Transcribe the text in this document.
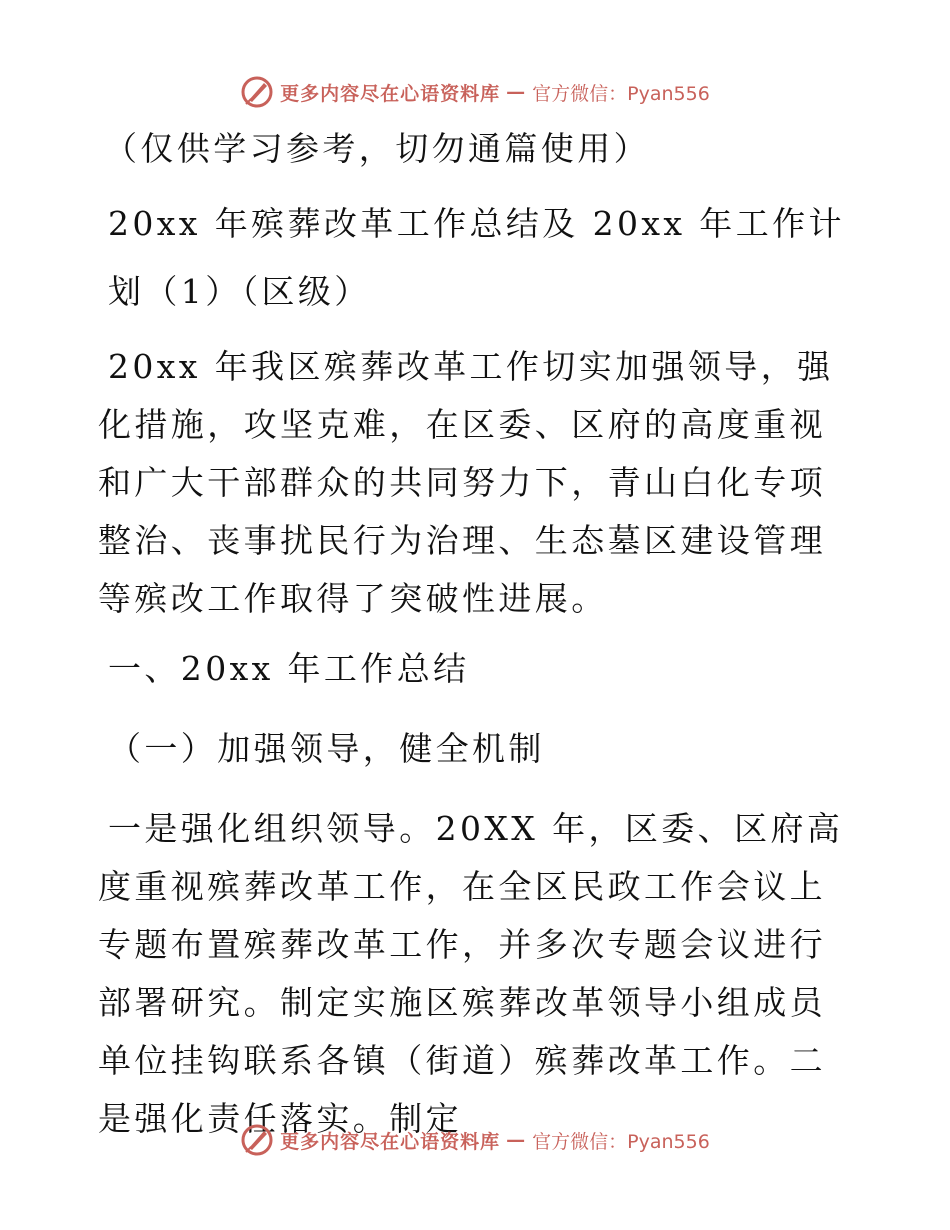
更多内容尽在心语资料库 — 官方微信：Pyan556

（仅供学习参考，切勿通篇使用）

20xx 年殡葬改革工作总结及 20xx 年工作计划（1）（区级）

20xx 年我区殡葬改革工作切实加强领导，强化措施，攻坚克难，在区委、区府的高度重视和广大干部群众的共同努力下，青山白化专项整治、丧事扰民行为治理、生态墓区建设管理等殡改工作取得了突破性进展。

一、20xx 年工作总结

（一）加强领导，健全机制

一是强化组织领导。20XX 年，区委、区府高度重视殡葬改革工作，在全区民政工作会议上专题布置殡葬改革工作，并多次专题会议进行部署研究。制定实施区殡葬改革领导小组成员单位挂钩联系各镇（街道）殡葬改革工作。二是强化责任落实。制定

更多内容尽在心语资料库 — 官方微信：Pyan556
